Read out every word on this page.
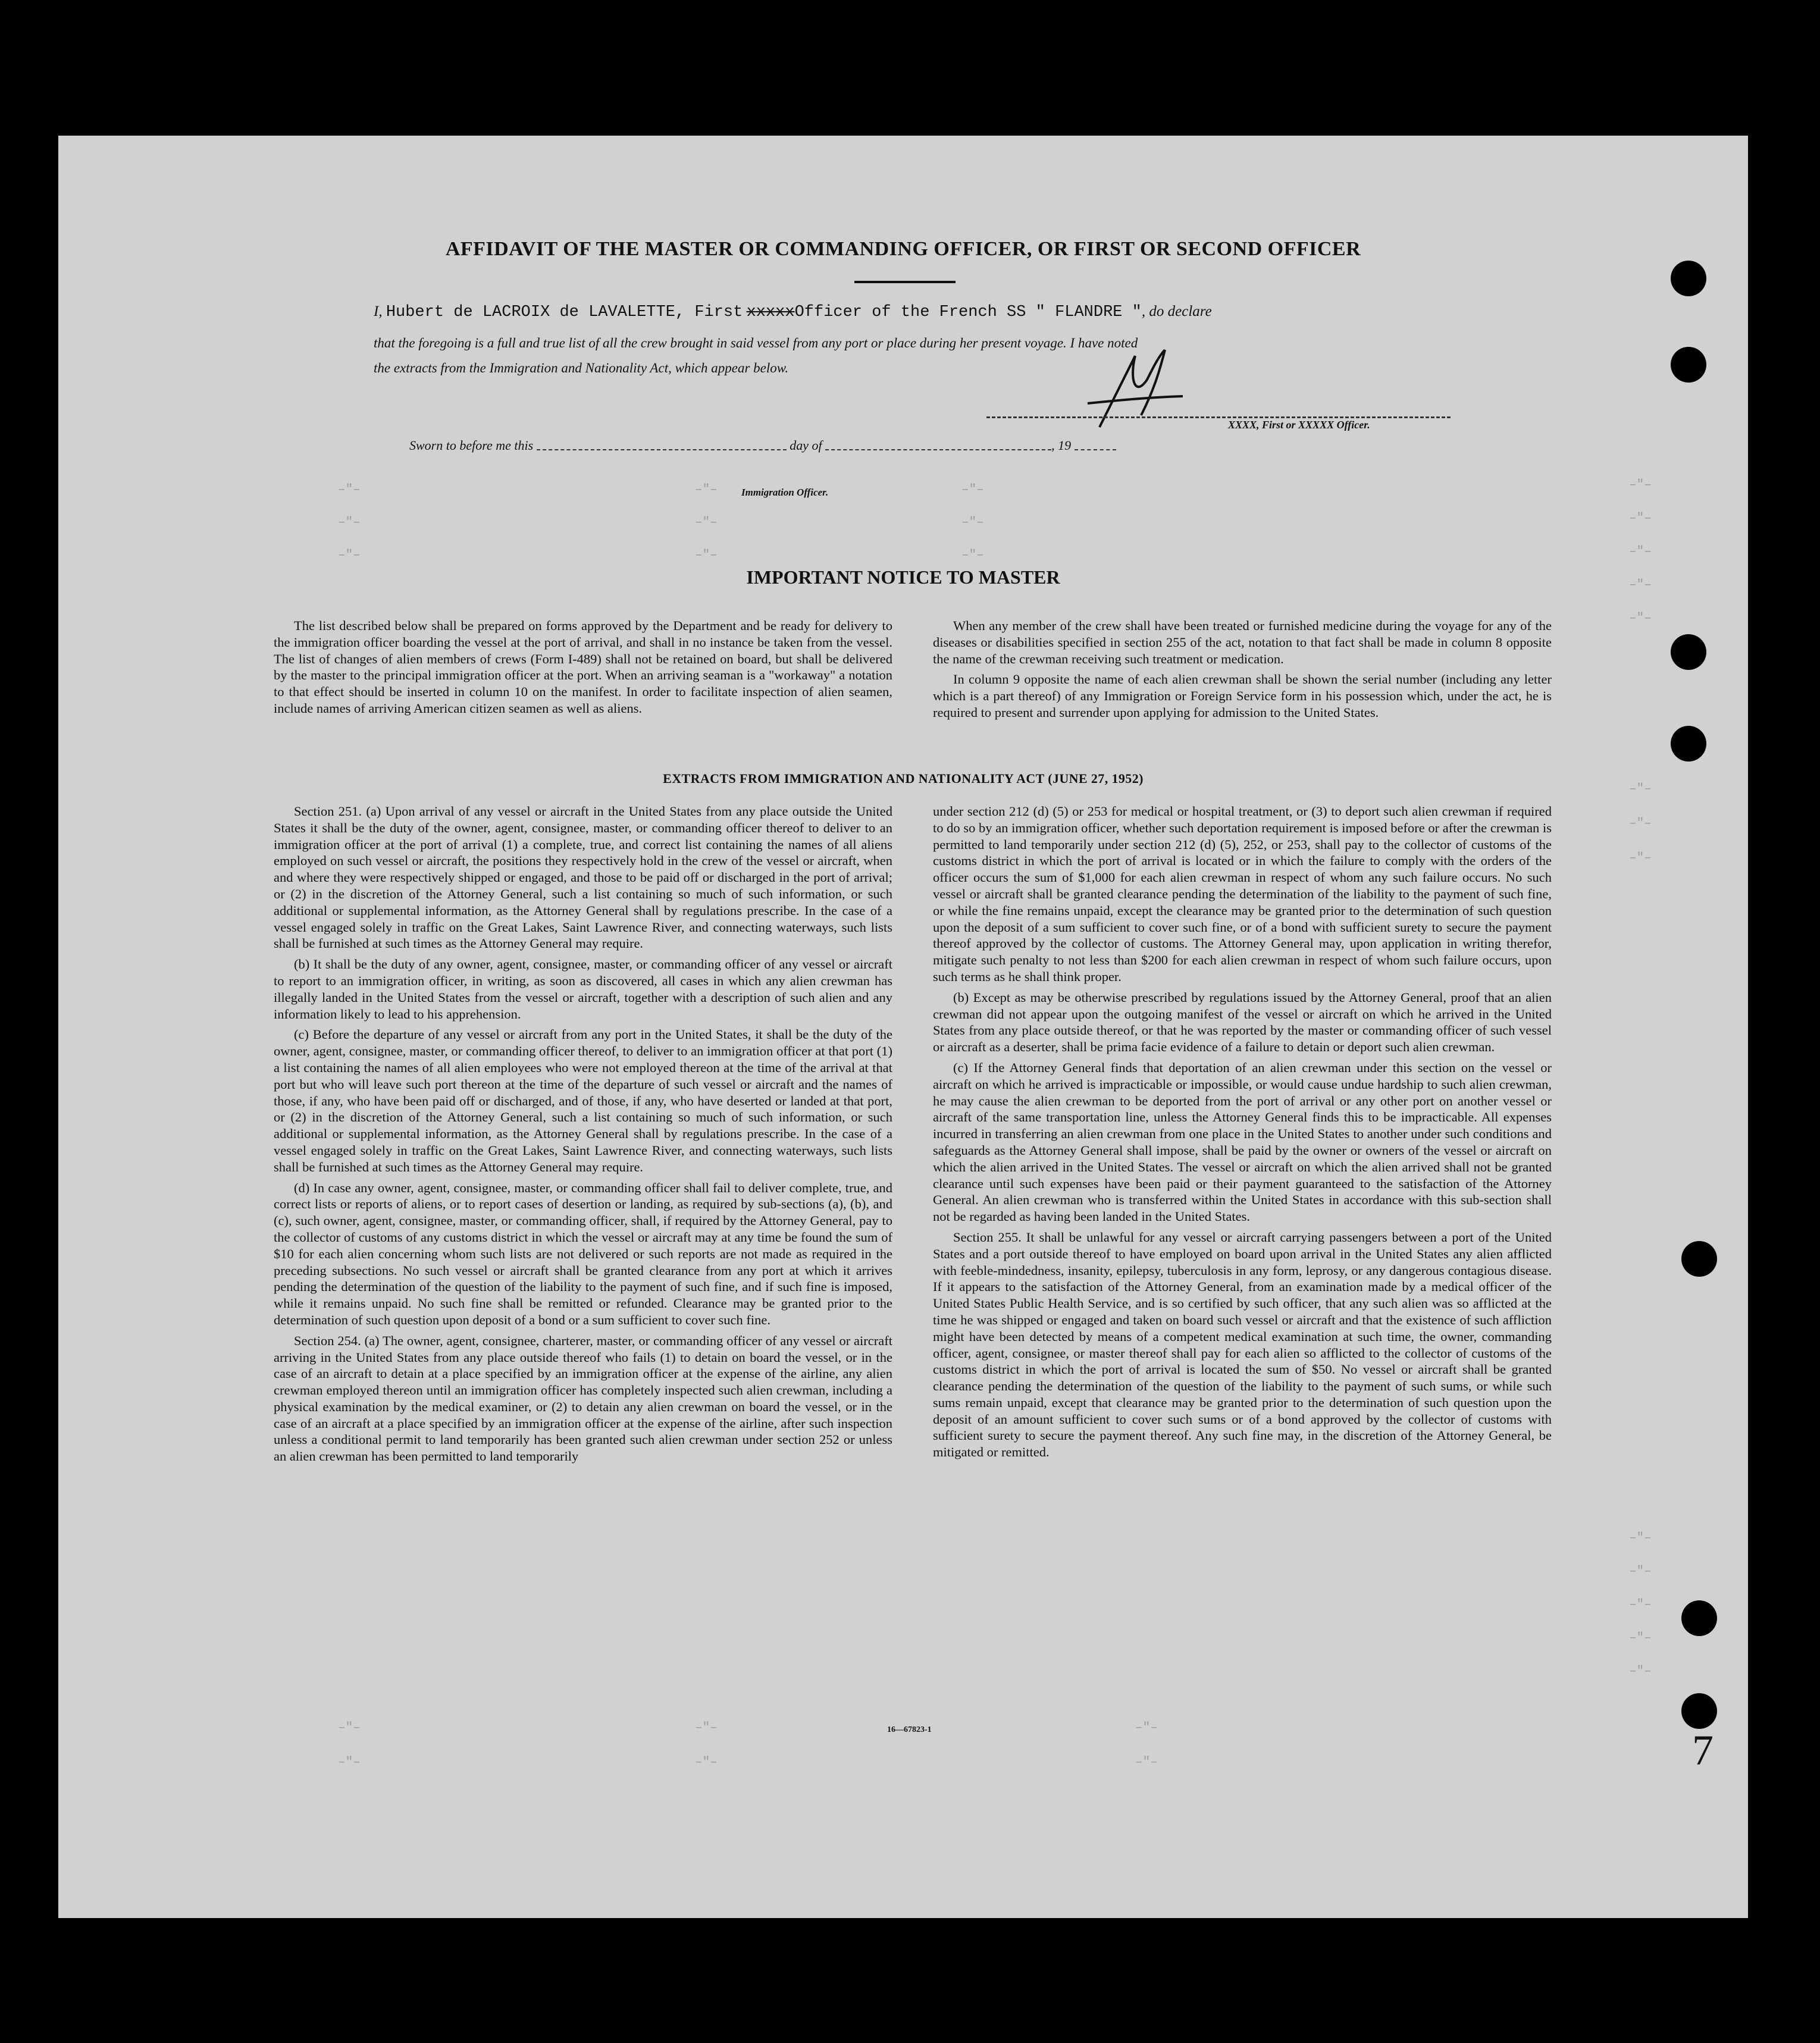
–"–
–"–
–"–
–"–
–"–
–"–
–"–
–"–
–"–
–"–
–"–
–"–
–"–
–"–
–"–
–"–
–"–
–"–
–"–
–"–
–"–
–"–
–"–
–"–
–"–
–"–
–"–
–"–
AFFIDAVIT OF THE MASTER OR COMMANDING OFFICER, OR FIRST OR SECOND OFFICER
I, Hubert de LACROIX de LAVALETTE, First xxxxxOfficer of the French SS " FLANDRE ", do declare
that the foregoing is a full and true list of all the crew brought in said vessel from any port or place during her present voyage. I have noted
the extracts from the Immigration and Nationality Act, which appear below.
XXXX, First or XXXXX Officer.
Sworn to before me this	day of	, 19
Immigration Officer.
IMPORTANT NOTICE TO MASTER

The list described below shall be prepared on forms approved by the Department and be ready for delivery to the immigration officer boarding the vessel at the port of arrival, and shall in no instance be taken from the vessel. The list of changes of alien members of crews (Form I-489) shall not be retained on board, but shall be delivered by the master to the principal immigration officer at the port. When an arriving seaman is a "workaway" a notation to that effect should be inserted in column 10 on the manifest. In order to facilitate inspection of alien seamen, include names of arriving American citizen seamen as well as aliens.

When any member of the crew shall have been treated or furnished medicine during the voyage for any of the diseases or disabilities specified in section 255 of the act, notation to that fact shall be made in column 8 opposite the name of the crewman receiving such treatment or medication.

In column 9 opposite the name of each alien crewman shall be shown the serial number (including any letter which is a part thereof) of any Immigration or Foreign Service form in his possession which, under the act, he is required to present and surrender upon applying for admission to the United States.

EXTRACTS FROM IMMIGRATION AND NATIONALITY ACT (JUNE 27, 1952)

Section 251. (a) Upon arrival of any vessel or aircraft in the United States from any place outside the United States it shall be the duty of the owner, agent, consignee, master, or commanding officer thereof to deliver to an immigration officer at the port of arrival (1) a complete, true, and correct list containing the names of all aliens employed on such vessel or aircraft, the positions they respectively hold in the crew of the vessel or aircraft, when and where they were respectively shipped or engaged, and those to be paid off or discharged in the port of arrival; or (2) in the discretion of the Attorney General, such a list containing so much of such information, or such additional or supplemental information, as the Attorney General shall by regulations prescribe. In the case of a vessel engaged solely in traffic on the Great Lakes, Saint Lawrence River, and connecting waterways, such lists shall be furnished at such times as the Attorney General may require.

(b) It shall be the duty of any owner, agent, consignee, master, or commanding officer of any vessel or aircraft to report to an immigration officer, in writing, as soon as discovered, all cases in which any alien crewman has illegally landed in the United States from the vessel or aircraft, together with a description of such alien and any information likely to lead to his apprehension.

(c) Before the departure of any vessel or aircraft from any port in the United States, it shall be the duty of the owner, agent, consignee, master, or commanding officer thereof, to deliver to an immigration officer at that port (1) a list containing the names of all alien employees who were not employed thereon at the time of the arrival at that port but who will leave such port thereon at the time of the departure of such vessel or aircraft and the names of those, if any, who have been paid off or discharged, and of those, if any, who have deserted or landed at that port, or (2) in the discretion of the Attorney General, such a list containing so much of such information, or such additional or supplemental information, as the Attorney General shall by regulations prescribe. In the case of a vessel engaged solely in traffic on the Great Lakes, Saint Lawrence River, and connecting waterways, such lists shall be furnished at such times as the Attorney General may require.

(d) In case any owner, agent, consignee, master, or commanding officer shall fail to deliver complete, true, and correct lists or reports of aliens, or to report cases of desertion or landing, as required by sub-sections (a), (b), and (c), such owner, agent, consignee, master, or commanding officer, shall, if required by the Attorney General, pay to the collector of customs of any customs district in which the vessel or aircraft may at any time be found the sum of $10 for each alien concerning whom such lists are not delivered or such reports are not made as required in the preceding subsections. No such vessel or aircraft shall be granted clearance from any port at which it arrives pending the determination of the question of the liability to the payment of such fine, and if such fine is imposed, while it remains unpaid. No such fine shall be remitted or refunded. Clearance may be granted prior to the determination of such question upon deposit of a bond or a sum sufficient to cover such fine.

Section 254. (a) The owner, agent, consignee, charterer, master, or commanding officer of any vessel or aircraft arriving in the United States from any place outside thereof who fails (1) to detain on board the vessel, or in the case of an aircraft to detain at a place specified by an immigration officer at the expense of the airline, any alien crewman employed thereon until an immigration officer has completely inspected such alien crewman, including a physical examination by the medical examiner, or (2) to detain any alien crewman on board the vessel, or in the case of an aircraft at a place specified by an immigration officer at the expense of the airline, after such inspection unless a conditional permit to land temporarily has been granted such alien crewman under section 252 or unless an alien crewman has been permitted to land temporarily

under section 212 (d) (5) or 253 for medical or hospital treatment, or (3) to deport such alien crewman if required to do so by an immigration officer, whether such deportation requirement is imposed before or after the crewman is permitted to land temporarily under section 212 (d) (5), 252, or 253, shall pay to the collector of customs of the customs district in which the port of arrival is located or in which the failure to comply with the orders of the officer occurs the sum of $1,000 for each alien crewman in respect of whom any such failure occurs. No such vessel or aircraft shall be granted clearance pending the determination of the liability to the payment of such fine, or while the fine remains unpaid, except the clearance may be granted prior to the determination of such question upon the deposit of a sum sufficient to cover such fine, or of a bond with sufficient surety to secure the payment thereof approved by the collector of customs. The Attorney General may, upon application in writing therefor, mitigate such penalty to not less than $200 for each alien crewman in respect of whom such failure occurs, upon such terms as he shall think proper.

(b) Except as may be otherwise prescribed by regulations issued by the Attorney General, proof that an alien crewman did not appear upon the outgoing manifest of the vessel or aircraft on which he arrived in the United States from any place outside thereof, or that he was reported by the master or commanding officer of such vessel or aircraft as a deserter, shall be prima facie evidence of a failure to detain or deport such alien crewman.

(c) If the Attorney General finds that deportation of an alien crewman under this section on the vessel or aircraft on which he arrived is impracticable or impossible, or would cause undue hardship to such alien crewman, he may cause the alien crewman to be deported from the port of arrival or any other port on another vessel or aircraft of the same transportation line, unless the Attorney General finds this to be impracticable. All expenses incurred in transferring an alien crewman from one place in the United States to another under such conditions and safeguards as the Attorney General shall impose, shall be paid by the owner or owners of the vessel or aircraft on which the alien arrived in the United States. The vessel or aircraft on which the alien arrived shall not be granted clearance until such expenses have been paid or their payment guaranteed to the satisfaction of the Attorney General. An alien crewman who is transferred within the United States in accordance with this sub-section shall not be regarded as having been landed in the United States.

Section 255. It shall be unlawful for any vessel or aircraft carrying passengers between a port of the United States and a port outside thereof to have employed on board upon arrival in the United States any alien afflicted with feeble-mindedness, insanity, epilepsy, tuberculosis in any form, leprosy, or any dangerous contagious disease. If it appears to the satisfaction of the Attorney General, from an examination made by a medical officer of the United States Public Health Service, and is so certified by such officer, that any such alien was so afflicted at the time he was shipped or engaged and taken on board such vessel or aircraft and that the existence of such affliction might have been detected by means of a competent medical examination at such time, the owner, commanding officer, agent, consignee, or master thereof shall pay for each alien so afflicted to the collector of customs of the customs district in which the port of arrival is located the sum of $50. No vessel or aircraft shall be granted clearance pending the determination of the question of the liability to the payment of such sums, or while such sums remain unpaid, except that clearance may be granted prior to the determination of such question upon the deposit of an amount sufficient to cover such sums or of a bond approved by the collector of customs with sufficient surety to secure the payment thereof. Any such fine may, in the discretion of the Attorney General, be mitigated or remitted.

16—67823-1	7
